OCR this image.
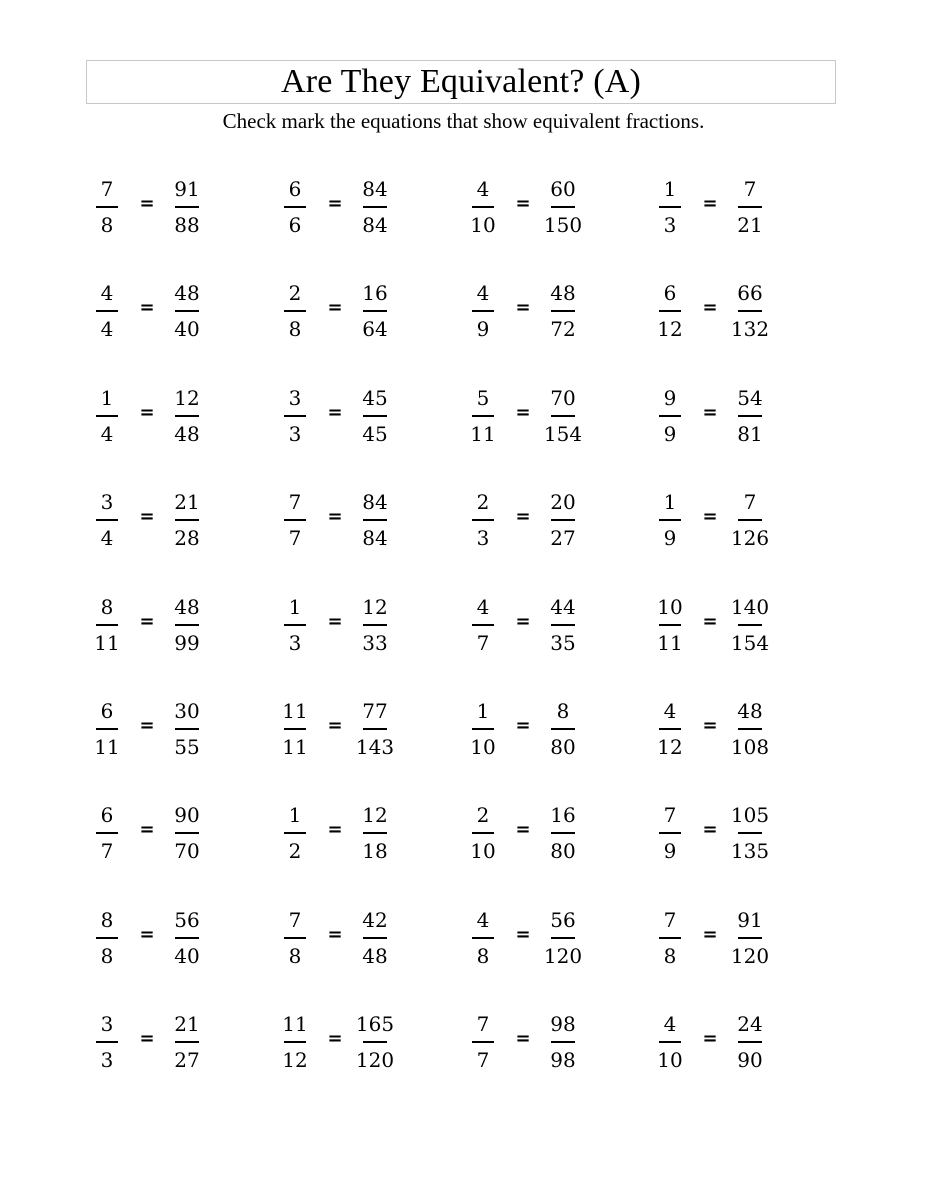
Are They Equivalent? (A)
Check mark the equations that show equivalent fractions.
7
8
=
91
88
6
6
=
84
84
4
10
=
60
150
1
3
=
7
21
4
4
=
48
40
2
8
=
16
64
4
9
=
48
72
6
12
=
66
132
1
4
=
12
48
3
3
=
45
45
5
11
=
70
154
9
9
=
54
81
3
4
=
21
28
7
7
=
84
84
2
3
=
20
27
1
9
=
7
126
8
11
=
48
99
1
3
=
12
33
4
7
=
44
35
10
11
=
140
154
6
11
=
30
55
11
11
=
77
143
1
10
=
8
80
4
12
=
48
108
6
7
=
90
70
1
2
=
12
18
2
10
=
16
80
7
9
=
105
135
8
8
=
56
40
7
8
=
42
48
4
8
=
56
120
7
8
=
91
120
3
3
=
21
27
11
12
=
165
120
7
7
=
98
98
4
10
=
24
90
